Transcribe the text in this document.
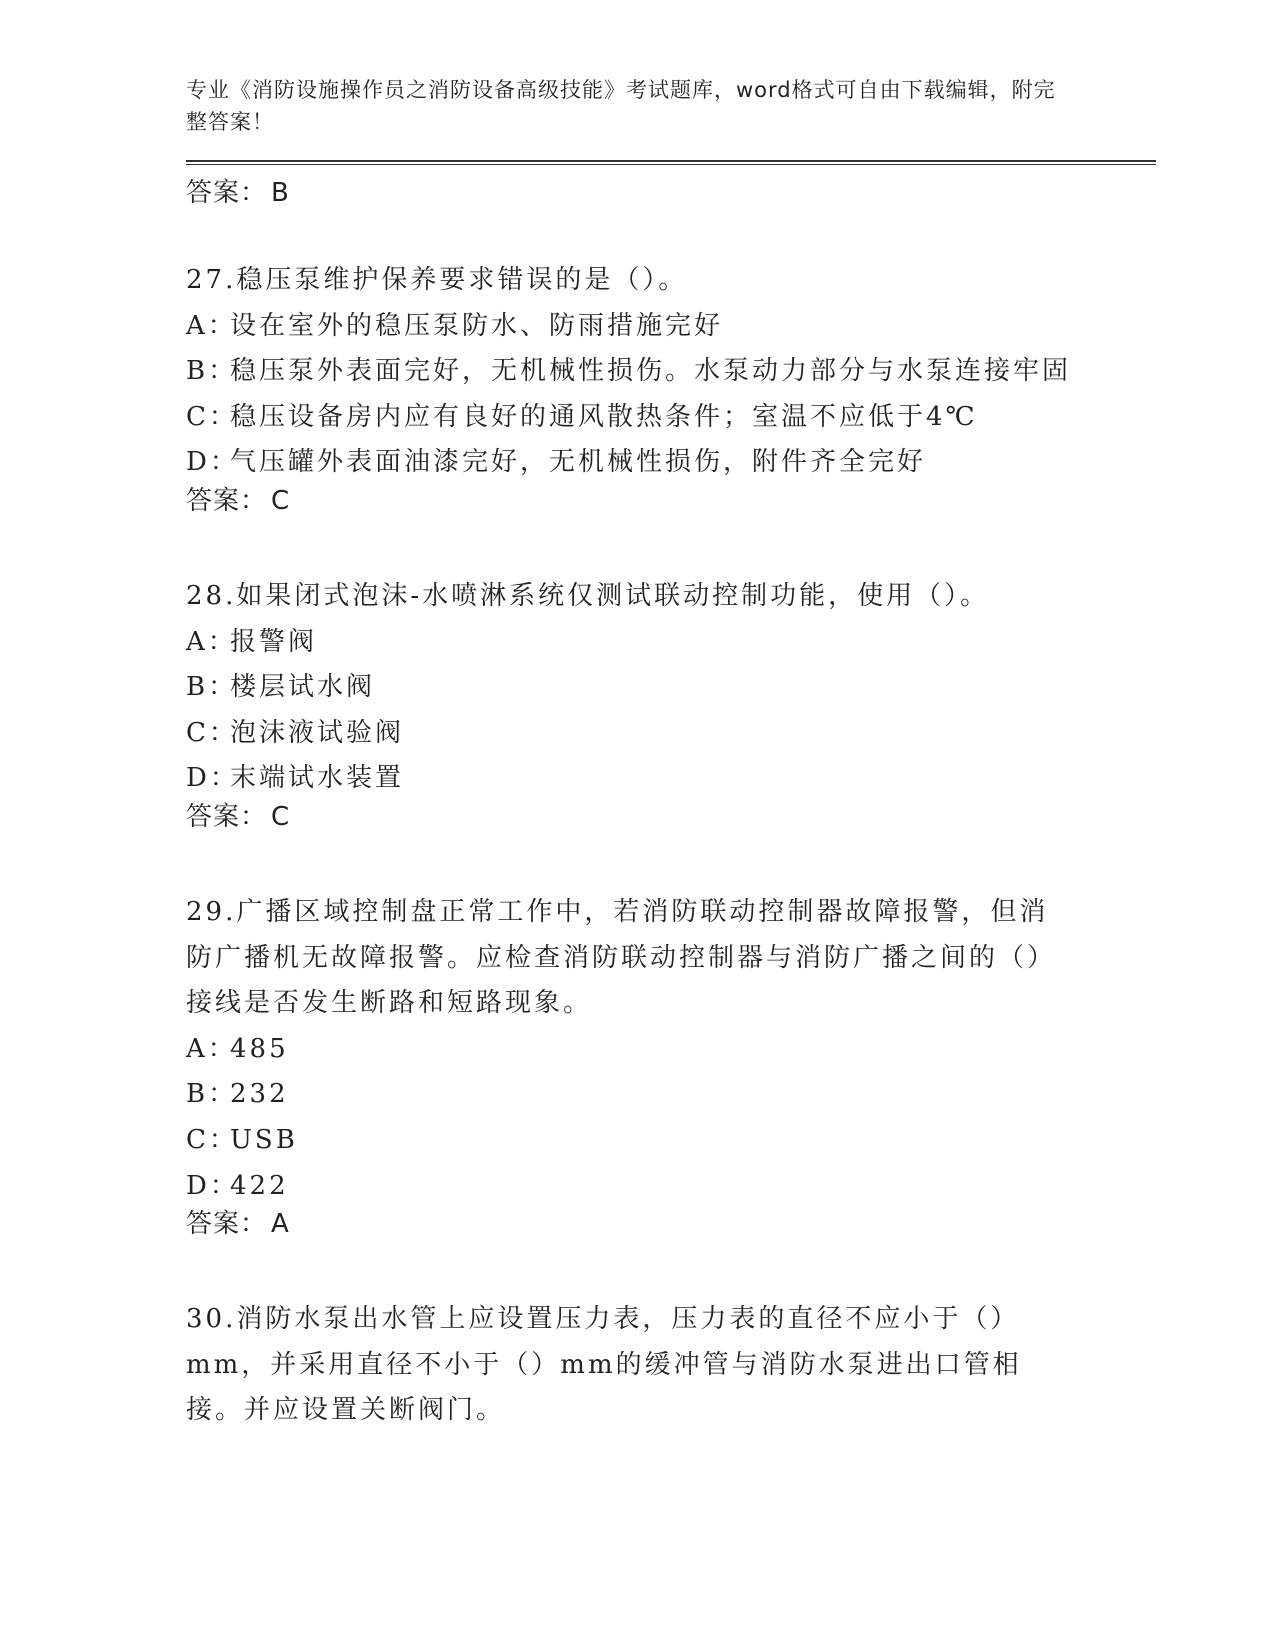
专业《消防设施操作员之消防设备高级技能》考试题库，word格式可自由下载编辑，附完整答案！
答案： B
27.稳压泵维护保养要求错误的是（）。
A：设在室外的稳压泵防水、防雨措施完好
B：稳压泵外表面完好，无机械性损伤。水泵动力部分与水泵连接牢固
C：稳压设备房内应有良好的通风散热条件；室温不应低于4℃
D：气压罐外表面油漆完好，无机械性损伤，附件齐全完好
答案： C
28.如果闭式泡沫-水喷淋系统仅测试联动控制功能，使用（）。
A：报警阀
B：楼层试水阀
C：泡沫液试验阀
D：末端试水装置
答案： C
29.广播区域控制盘正常工作中，若消防联动控制器故障报警，但消防广播机无故障报警。应检查消防联动控制器与消防广播之间的（）接线是否发生断路和短路现象。
A：485
B：232
C：USB
D：422
答案： A
30.消防水泵出水管上应设置压力表，压力表的直径不应小于（）mm，并采用直径不小于（）mm的缓冲管与消防水泵进出口管相接。并应设置关断阀门。
